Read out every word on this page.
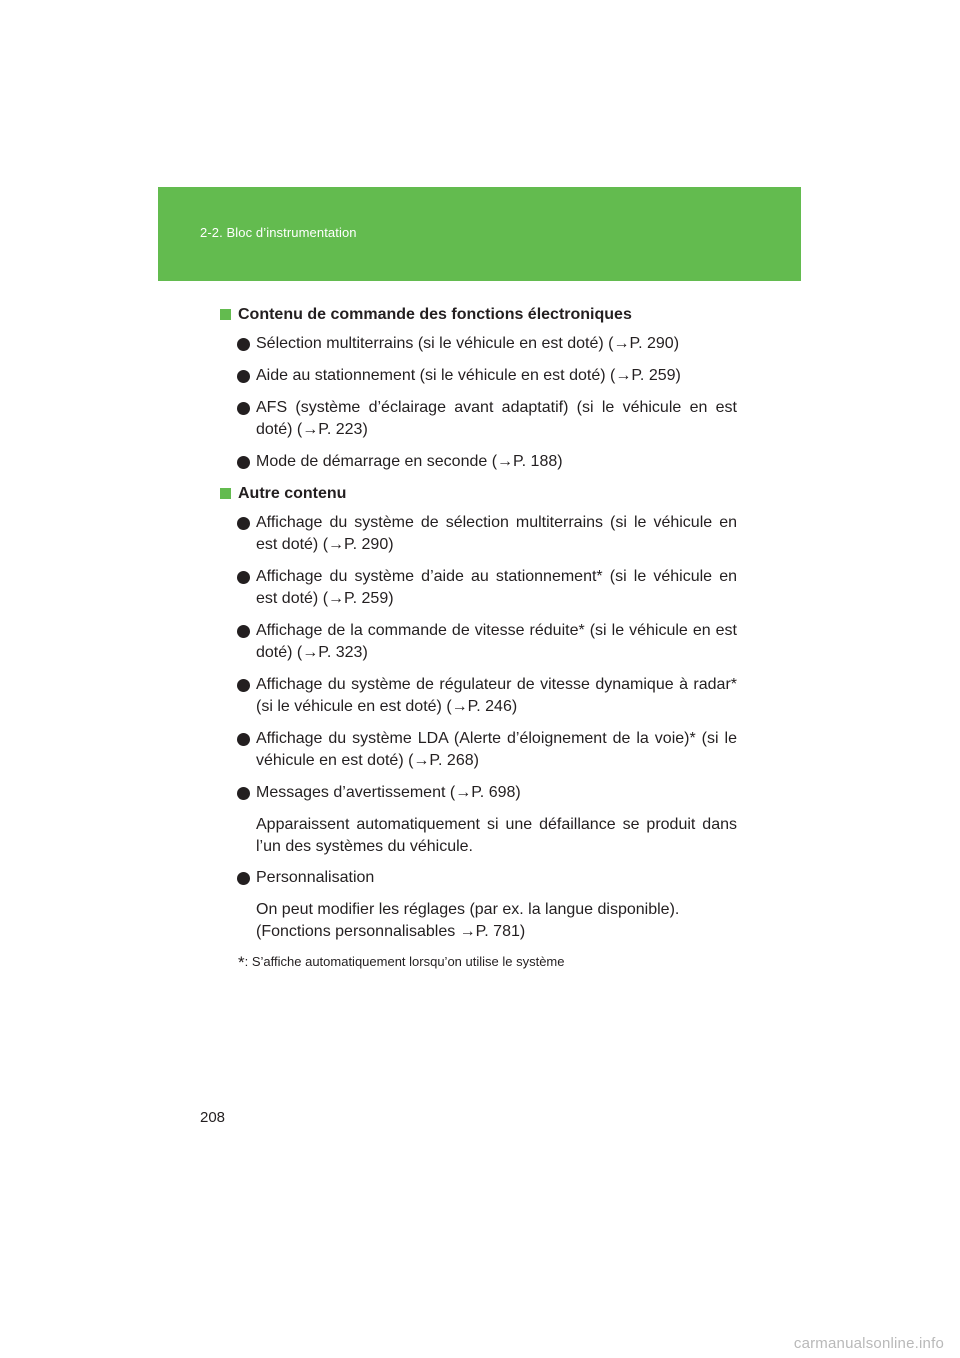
2-2. Bloc d’instrumentation
Contenu de commande des fonctions électroniques
Sélection multiterrains (si le véhicule en est doté) (→P. 290)
Aide au stationnement (si le véhicule en est doté) (→P. 259)
AFS (système d’éclairage avant adaptatif) (si le véhicule en est doté) (→P. 223)
Mode de démarrage en seconde (→P. 188)
Autre contenu
Affichage du système de sélection multiterrains (si le véhicule en est doté) (→P. 290)
Affichage du système d’aide au stationnement* (si le véhicule en est doté) (→P. 259)
Affichage de la commande de vitesse réduite* (si le véhicule en est doté) (→P. 323)
Affichage du système de régulateur de vitesse dynamique à radar* (si le véhicule en est doté) (→P. 246)
Affichage du système LDA (Alerte d’éloignement de la voie)* (si le véhicule en est doté) (→P. 268)
Messages d’avertissement (→P. 698)
Apparaissent automatiquement si une défaillance se produit dans l’un des systèmes du véhicule.
Personnalisation
On peut modifier les réglages (par ex. la langue disponible).
(Fonctions personnalisables →P. 781)
*: S’affiche automatiquement lorsqu’on utilise le système
208
carmanualsonline.info
